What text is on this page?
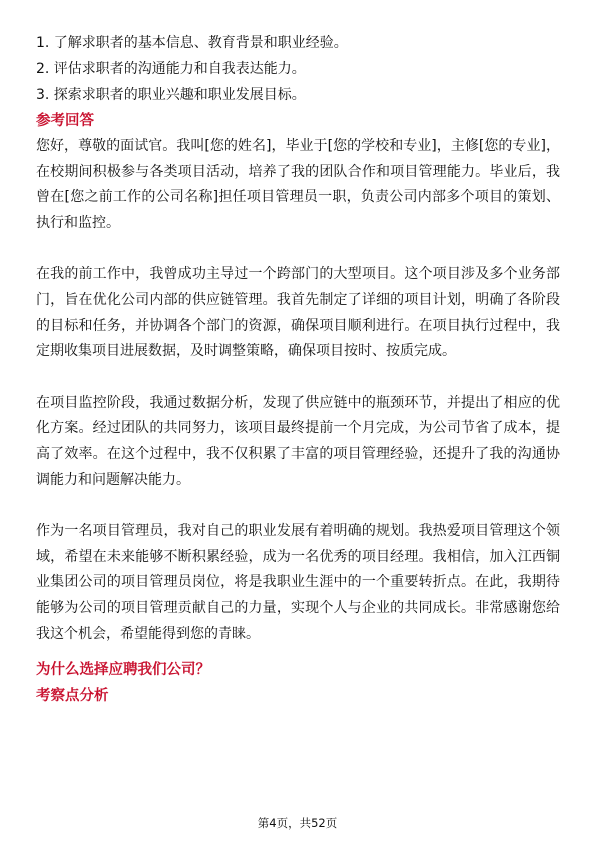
1. 了解求职者的基本信息、教育背景和职业经验。

2. 评估求职者的沟通能力和自我表达能力。

3. 探索求职者的职业兴趣和职业发展目标。

参考回答

您好，尊敬的面试官。我叫[您的姓名]，毕业于[您的学校和专业]，主修[您的专业]，在校期间积极参与各类项目活动，培养了我的团队合作和项目管理能力。毕业后，我曾在[您之前工作的公司名称]担任项目管理员一职，负责公司内部多个项目的策划、执行和监控。

在我的前工作中，我曾成功主导过一个跨部门的大型项目。这个项目涉及多个业务部门，旨在优化公司内部的供应链管理。我首先制定了详细的项目计划，明确了各阶段的目标和任务，并协调各个部门的资源，确保项目顺利进行。在项目执行过程中，我定期收集项目进展数据，及时调整策略，确保项目按时、按质完成。

在项目监控阶段，我通过数据分析，发现了供应链中的瓶颈环节，并提出了相应的优化方案。经过团队的共同努力，该项目最终提前一个月完成，为公司节省了成本，提高了效率。在这个过程中，我不仅积累了丰富的项目管理经验，还提升了我的沟通协调能力和问题解决能力。

作为一名项目管理员，我对自己的职业发展有着明确的规划。我热爱项目管理这个领域，希望在未来能够不断积累经验，成为一名优秀的项目经理。我相信，加入江西铜业集团公司的项目管理员岗位，将是我职业生涯中的一个重要转折点。在此，我期待能够为公司的项目管理贡献自己的力量，实现个人与企业的共同成长。非常感谢您给我这个机会，希望能得到您的青睐。

为什么选择应聘我们公司？

考察点分析

第4页，共52页
